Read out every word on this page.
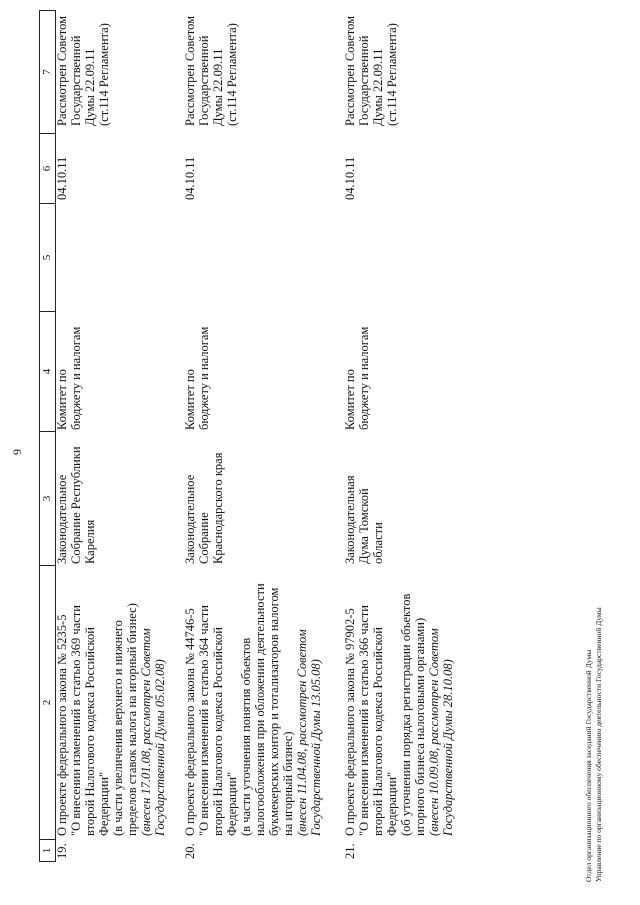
9
1
2
3
4
5
6
7
19.
О проекте федерального закона № 5235-5 "О внесении изменений в статью 369 части второй Налогового кодекса Российской Федерации" (в части увеличения верхнего и нижнего пределов ставок налога на игорный бизнес) (внесен 17.01.08, рассмотрен Советом Государственной Думы 05.02.08)
Законодательное Собрание Республики Карелия
Комитет по бюджету и налогам
04.10.11
Рассмотрен Советом Государственной Думы 22.09.11 (ст.114 Регламента)
20.
О проекте федерального закона № 44746-5 "О внесении изменений в статью 364 части второй Налогового кодекса Российской Федерации" (в части уточнения понятия объектов налогообложения при обложении деятельности букмекерских контор и тотализаторов налогом на игорный бизнес) (внесен 11.04.08, рассмотрен Советом Государственной Думы 13.05.08)
Законодательное Собрание Краснодарского края
Комитет по бюджету и налогам
04.10.11
Рассмотрен Советом Государственной Думы 22.09.11 (ст.114 Регламента)
21.
О проекте федерального закона № 97902-5 "О внесении изменений в статью 366 части второй Налогового кодекса Российской Федерации" (об уточнении порядка регистрации объектов игорного бизнеса налоговыми органами) (внесен 10.09.08, рассмотрен Советом Государственной Думы 28.10.08)
Законодательная Дума Томской области
Комитет по бюджету и налогам
04.10.11
Рассмотрен Советом Государственной Думы 22.09.11 (ст.114 Регламента)
Отдел организационного обеспечения заседаний Государственной Думы Управление по организационному обеспечению деятельности Государственной Думы
